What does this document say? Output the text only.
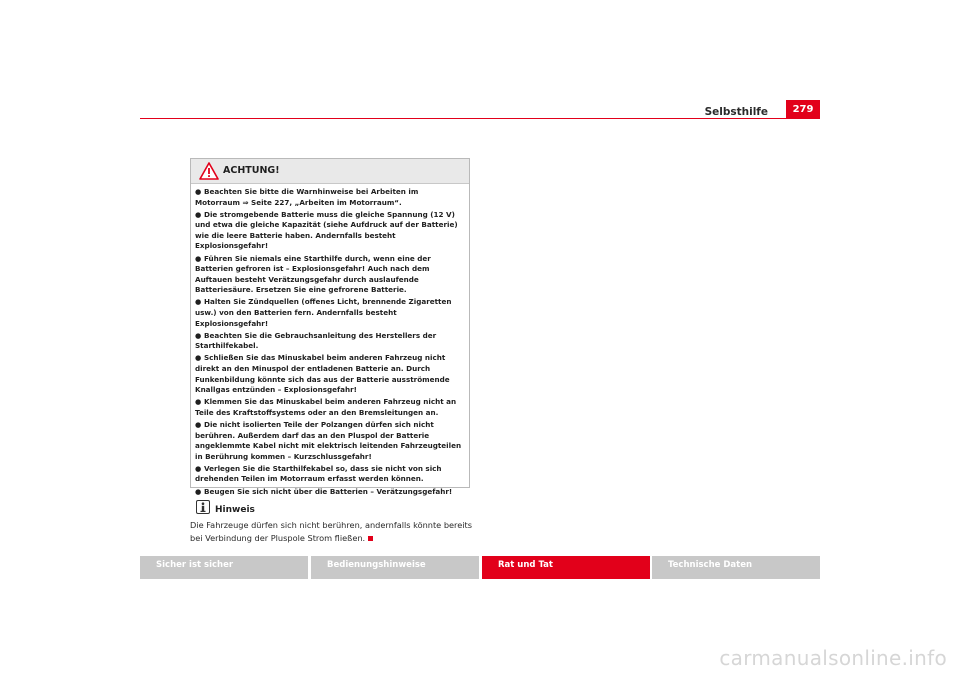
Selbsthilfe	279
ACHTUNG!

● Beachten Sie bitte die Warnhinweise bei Arbeiten im Motorraum ⇒ Seite 227, „Arbeiten im Motorraum“.

● Die stromgebende Batterie muss die gleiche Spannung (12 V) und etwa die gleiche Kapazität (siehe Aufdruck auf der Batterie) wie die leere Batterie haben. Andernfalls besteht Explosionsgefahr!

● Führen Sie niemals eine Starthilfe durch, wenn eine der Batterien gefroren ist – Explosionsgefahr! Auch nach dem Auftauen besteht Verätzungsgefahr durch auslaufende Batteriesäure. Ersetzen Sie eine gefrorene Batterie.

● Halten Sie Zündquellen (offenes Licht, brennende Zigaretten usw.) von den Batterien fern. Andernfalls besteht Explosionsgefahr!

● Beachten Sie die Gebrauchsanleitung des Herstellers der Starthilfekabel.

● Schließen Sie das Minuskabel beim anderen Fahrzeug nicht direkt an den Minuspol der entladenen Batterie an. Durch Funkenbildung könnte sich das aus der Batterie ausströmende Knallgas entzünden – Explosionsgefahr!

● Klemmen Sie das Minuskabel beim anderen Fahrzeug nicht an Teile des Kraftstoffsystems oder an den Bremsleitungen an.

● Die nicht isolierten Teile der Polzangen dürfen sich nicht berühren. Außerdem darf das an den Pluspol der Batterie angeklemmte Kabel nicht mit elektrisch leitenden Fahrzeugteilen in Berührung kommen – Kurzschlussgefahr!

● Verlegen Sie die Starthilfekabel so, dass sie nicht von sich drehenden Teilen im Motorraum erfasst werden können.

● Beugen Sie sich nicht über die Batterien – Verätzungsgefahr!

Hinweis
Die Fahrzeuge dürfen sich nicht berühren, andernfalls könnte bereits bei Verbindung der Pluspole Strom fließen.
Sicher ist sicher	Bedienungshinweise	Rat und Tat	Technische Daten
carmanualsonline.info
